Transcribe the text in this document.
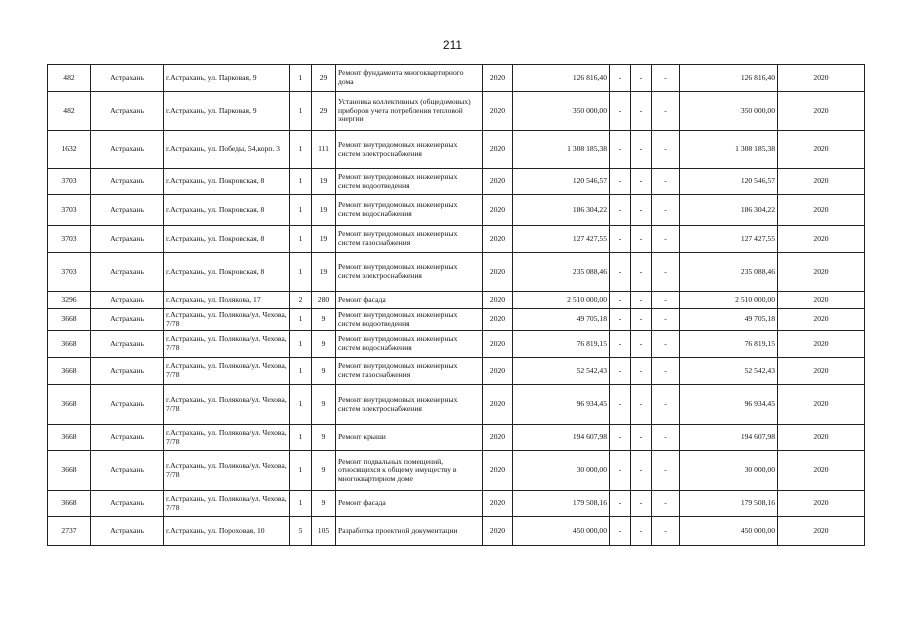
211
482	Астрахань	г.Астрахань, ул. Парковая, 9	1	29	Ремонт фундамента многоквартирного дома	2020	126 816,40	-	-	-	126 816,40	2020
482	Астрахань	г.Астрахань, ул. Парковая, 9	1	29	Установка коллективных (общедомовых) приборов учета потребления тепловой энергии	2020	350 000,00	-	-	-	350 000,00	2020
1632	Астрахань	г.Астрахань, ул. Победы, 54,корп. 3	1	111	Ремонт внутридомовых инженерных систем электроснабжения	2020	1 308 185,38	-	-	-	1 308 185,38	2020
3703	Астрахань	г.Астрахань, ул. Покровская, 8	1	19	Ремонт внутридомовых инженерных систем водоотведения	2020	120 546,57	-	-	-	120 546,57	2020
3703	Астрахань	г.Астрахань, ул. Покровская, 8	1	19	Ремонт внутридомовых инженерных систем водоснабжения	2020	186 304,22	-	-	-	186 304,22	2020
3703	Астрахань	г.Астрахань, ул. Покровская, 8	1	19	Ремонт внутридомовых инженерных систем газоснабжения	2020	127 427,55	-	-	-	127 427,55	2020
3703	Астрахань	г.Астрахань, ул. Покровская, 8	1	19	Ремонт внутридомовых инженерных систем электроснабжения	2020	235 088,46	-	-	-	235 088,46	2020
3296	Астрахань	г.Астрахань, ул. Полякова, 17	2	280	Ремонт фасада	2020	2 510 000,00	-	-	-	2 510 000,00	2020
3668	Астрахань	г.Астрахань, ул. Полякова/ул. Чехова, 7/78	1	9	Ремонт внутридомовых инженерных систем водоотведения	2020	49 705,18	-	-	-	49 705,18	2020
3668	Астрахань	г.Астрахань, ул. Полякова/ул. Чехова, 7/78	1	9	Ремонт внутридомовых инженерных систем водоснабжения	2020	76 819,15	-	-	-	76 819,15	2020
3668	Астрахань	г.Астрахань, ул. Полякова/ул. Чехова, 7/78	1	9	Ремонт внутридомовых инженерных систем газоснабжения	2020	52 542,43	-	-	-	52 542,43	2020
3668	Астрахань	г.Астрахань, ул. Полякова/ул. Чехова, 7/78	1	9	Ремонт внутридомовых инженерных систем электроснабжения	2020	96 934,45	-	-	-	96 934,45	2020
3668	Астрахань	г.Астрахань, ул. Полякова/ул. Чехова, 7/78	1	9	Ремонт крыши	2020	194 607,98	-	-	-	194 607,98	2020
3668	Астрахань	г.Астрахань, ул. Полякова/ул. Чехова, 7/78	1	9	Ремонт подвальных помещений, относящихся к общему имуществу в многоквартирном доме	2020	30 000,00	-	-	-	30 000,00	2020
3668	Астрахань	г.Астрахань, ул. Полякова/ул. Чехова, 7/78	1	9	Ремонт фасада	2020	179 508,16	-	-	-	179 508,16	2020
2737	Астрахань	г.Астрахань, ул. Пороховая, 10	5	105	Разработка проектной документации	2020	450 000,00	-	-	-	450 000,00	2020
